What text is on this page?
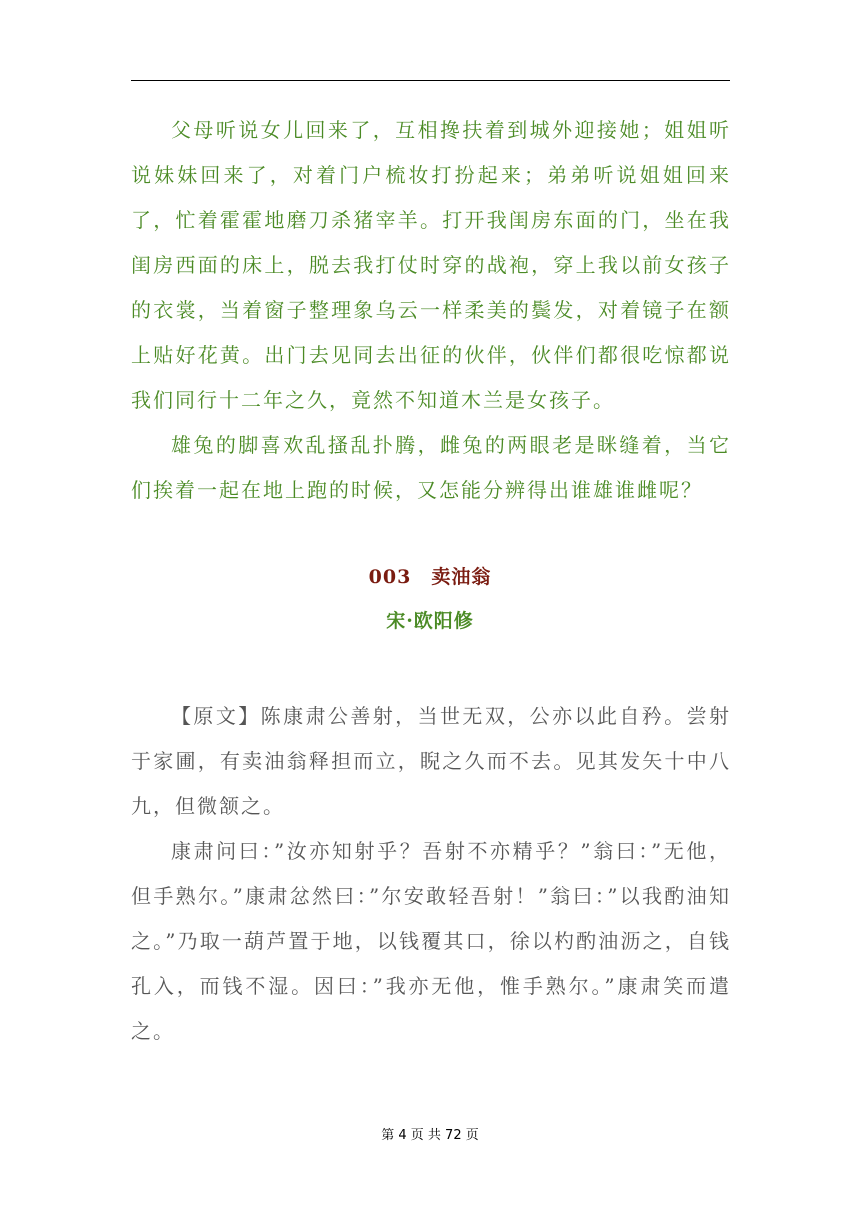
父母听说女儿回来了，互相搀扶着到城外迎接她；姐姐听说妹妹回来了，对着门户梳妆打扮起来；弟弟听说姐姐回来了，忙着霍霍地磨刀杀猪宰羊。打开我闺房东面的门，坐在我闺房西面的床上，脱去我打仗时穿的战袍，穿上我以前女孩子的衣裳，当着窗子整理象乌云一样柔美的鬓发，对着镜子在额上贴好花黄。出门去见同去出征的伙伴，伙伴们都很吃惊都说我们同行十二年之久，竟然不知道木兰是女孩子。

雄兔的脚喜欢乱搔乱扑腾，雌兔的两眼老是眯缝着，当它们挨着一起在地上跑的时候，又怎能分辨得出谁雄谁雌呢？

003　卖油翁
宋·欧阳修

【原文】陈康肃公善射，当世无双，公亦以此自矜。尝射于家圃，有卖油翁释担而立，睨之久而不去。见其发矢十中八九，但微颔之。

康肃问曰：”汝亦知射乎？吾射不亦精乎？”翁曰：”无他，但手熟尔。”康肃忿然曰：”尔安敢轻吾射！”翁曰：”以我酌油知之。”乃取一葫芦置于地，以钱覆其口，徐以杓酌油沥之，自钱孔入，而钱不湿。因曰：”我亦无他，惟手熟尔。”康肃笑而遣之。

第 4 页 共 72 页
